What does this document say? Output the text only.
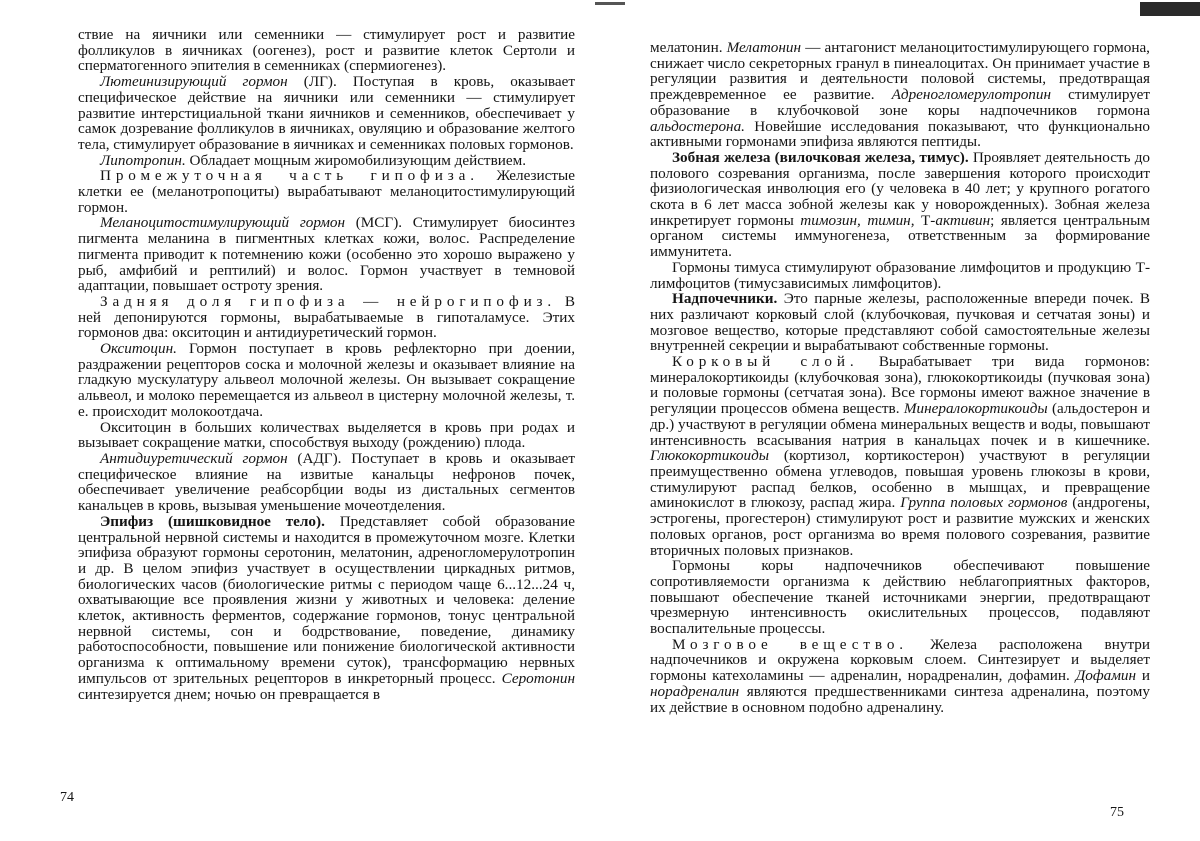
ствие на яичники или семенники — стимулирует рост и развитие фолликулов в яичниках (оогенез), рост и развитие клеток Сертоли и сперматогенного эпителия в семенниках (спермиогенез).

Лютеинизирующий гормон (ЛГ). Поступая в кровь, оказывает специфическое действие на яичники или семенники — стимулирует развитие интерстициальной ткани яичников и семенников, обеспечивает у самок дозревание фолликулов в яичниках, овуляцию и образование желтого тела, стимулирует образование в яичниках и семенниках половых гормонов.

Липотропин. Обладает мощным жиромобилизующим действием.

Промежуточная часть гипофиза. Железистые клетки ее (меланотропоциты) вырабатывают меланоцитостимулирующий гормон.

Меланоцитостимулирующий гормон (МСГ). Стимулирует биосинтез пигмента меланина в пигментных клетках кожи, волос. Распределение пигмента приводит к потемнению кожи (особенно это хорошо выражено у рыб, амфибий и рептилий) и волос. Гормон участвует в темновой адаптации, повышает остроту зрения.

Задняя доля гипофиза — нейрогипофиз. В ней депонируются гормоны, вырабатываемые в гипоталамусе. Этих гормонов два: окситоцин и антидиуретический гормон.

Окситоцин. Гормон поступает в кровь рефлекторно при доении, раздражении рецепторов соска и молочной железы и оказывает влияние на гладкую мускулатуру альвеол молочной железы. Он вызывает сокращение альвеол, и молоко перемещается из альвеол в цистерну молочной железы, т. е. происходит молокоотдача.

Окситоцин в больших количествах выделяется в кровь при родах и вызывает сокращение матки, способствуя выходу (рождению) плода.

Антидиуретический гормон (АДГ). Поступает в кровь и оказывает специфическое влияние на извитые канальцы нефронов почек, обеспечивает увеличение реабсорбции воды из дистальных сегментов канальцев в кровь, вызывая уменьшение мочеотделения.

Эпифиз (шишковидное тело). Представляет собой образование центральной нервной системы и находится в промежуточном мозге. Клетки эпифиза образуют гормоны серотонин, мелатонин, адреногломерулотропин и др. В целом эпифиз участвует в осуществлении циркадных ритмов, биологических часов (биологические ритмы с периодом чаще 6...12...24 ч, охватывающие все проявления жизни у животных и человека: деление клеток, активность ферментов, содержание гормонов, тонус центральной нервной системы, сон и бодрствование, поведение, динамику работоспособности, повышение или понижение биологической активности организма к оптимальному времени суток), трансформацию нервных импульсов от зрительных рецепторов в инкреторный процесс. Серотонин синтезируется днем; ночью он превращается в

74

мелатонин. Мелатонин — антагонист меланоцитостимулирующего гормона, снижает число секреторных гранул в пинеалоцитах. Он принимает участие в регуляции развития и деятельности половой системы, предотвращая преждевременное ее развитие. Адреногломерулотропин стимулирует образование в клубочковой зоне коры надпочечников гормона альдостерона. Новейшие исследования показывают, что функционально активными гормонами эпифиза являются пептиды.

Зобная железа (вилочковая железа, тимус). Проявляет деятельность до полового созревания организма, после завершения которого происходит физиологическая инволюция его (у человека в 40 лет; у крупного рогатого скота в 6 лет масса зобной железы как у новорожденных). Зобная железа инкретирует гормоны тимозин, тимин, Т-активин; является центральным органом системы иммуногенеза, ответственным за формирование иммунитета.

Гормоны тимуса стимулируют образование лимфоцитов и продукцию Т-лимфоцитов (тимусзависимых лимфоцитов).

Надпочечники. Это парные железы, расположенные впереди почек. В них различают корковый слой (клубочковая, пучковая и сетчатая зоны) и мозговое вещество, которые представляют собой самостоятельные железы внутренней секреции и вырабатывают собственные гормоны.

Корковый слой. Вырабатывает три вида гормонов: минералокортикоиды (клубочковая зона), глюкокортикоиды (пучковая зона) и половые гормоны (сетчатая зона). Все гормоны имеют важное значение в регуляции процессов обмена веществ. Минералокортикоиды (альдостерон и др.) участвуют в регуляции обмена минеральных веществ и воды, повышают интенсивность всасывания натрия в канальцах почек и в кишечнике. Глюкокортикоиды (кортизол, кортикостерон) участвуют в регуляции преимущественно обмена углеводов, повышая уровень глюкозы в крови, стимулируют распад белков, особенно в мышцах, и превращение аминокислот в глюкозу, распад жира. Группа половых гормонов (андрогены, эстрогены, прогестерон) стимулируют рост и развитие мужских и женских половых органов, рост организма во время полового созревания, развитие вторичных половых признаков.

Гормоны коры надпочечников обеспечивают повышение сопротивляемости организма к действию неблагоприятных факторов, повышают обеспечение тканей источниками энергии, предотвращают чрезмерную интенсивность окислительных процессов, подавляют воспалительные процессы.

Мозговое вещество. Железа расположена внутри надпочечников и окружена корковым слоем. Синтезирует и выделяет гормоны катехоламины — адреналин, норадреналин, дофамин. Дофамин и норадреналин являются предшественниками синтеза адреналина, поэтому их действие в основном подобно адреналину.

75
